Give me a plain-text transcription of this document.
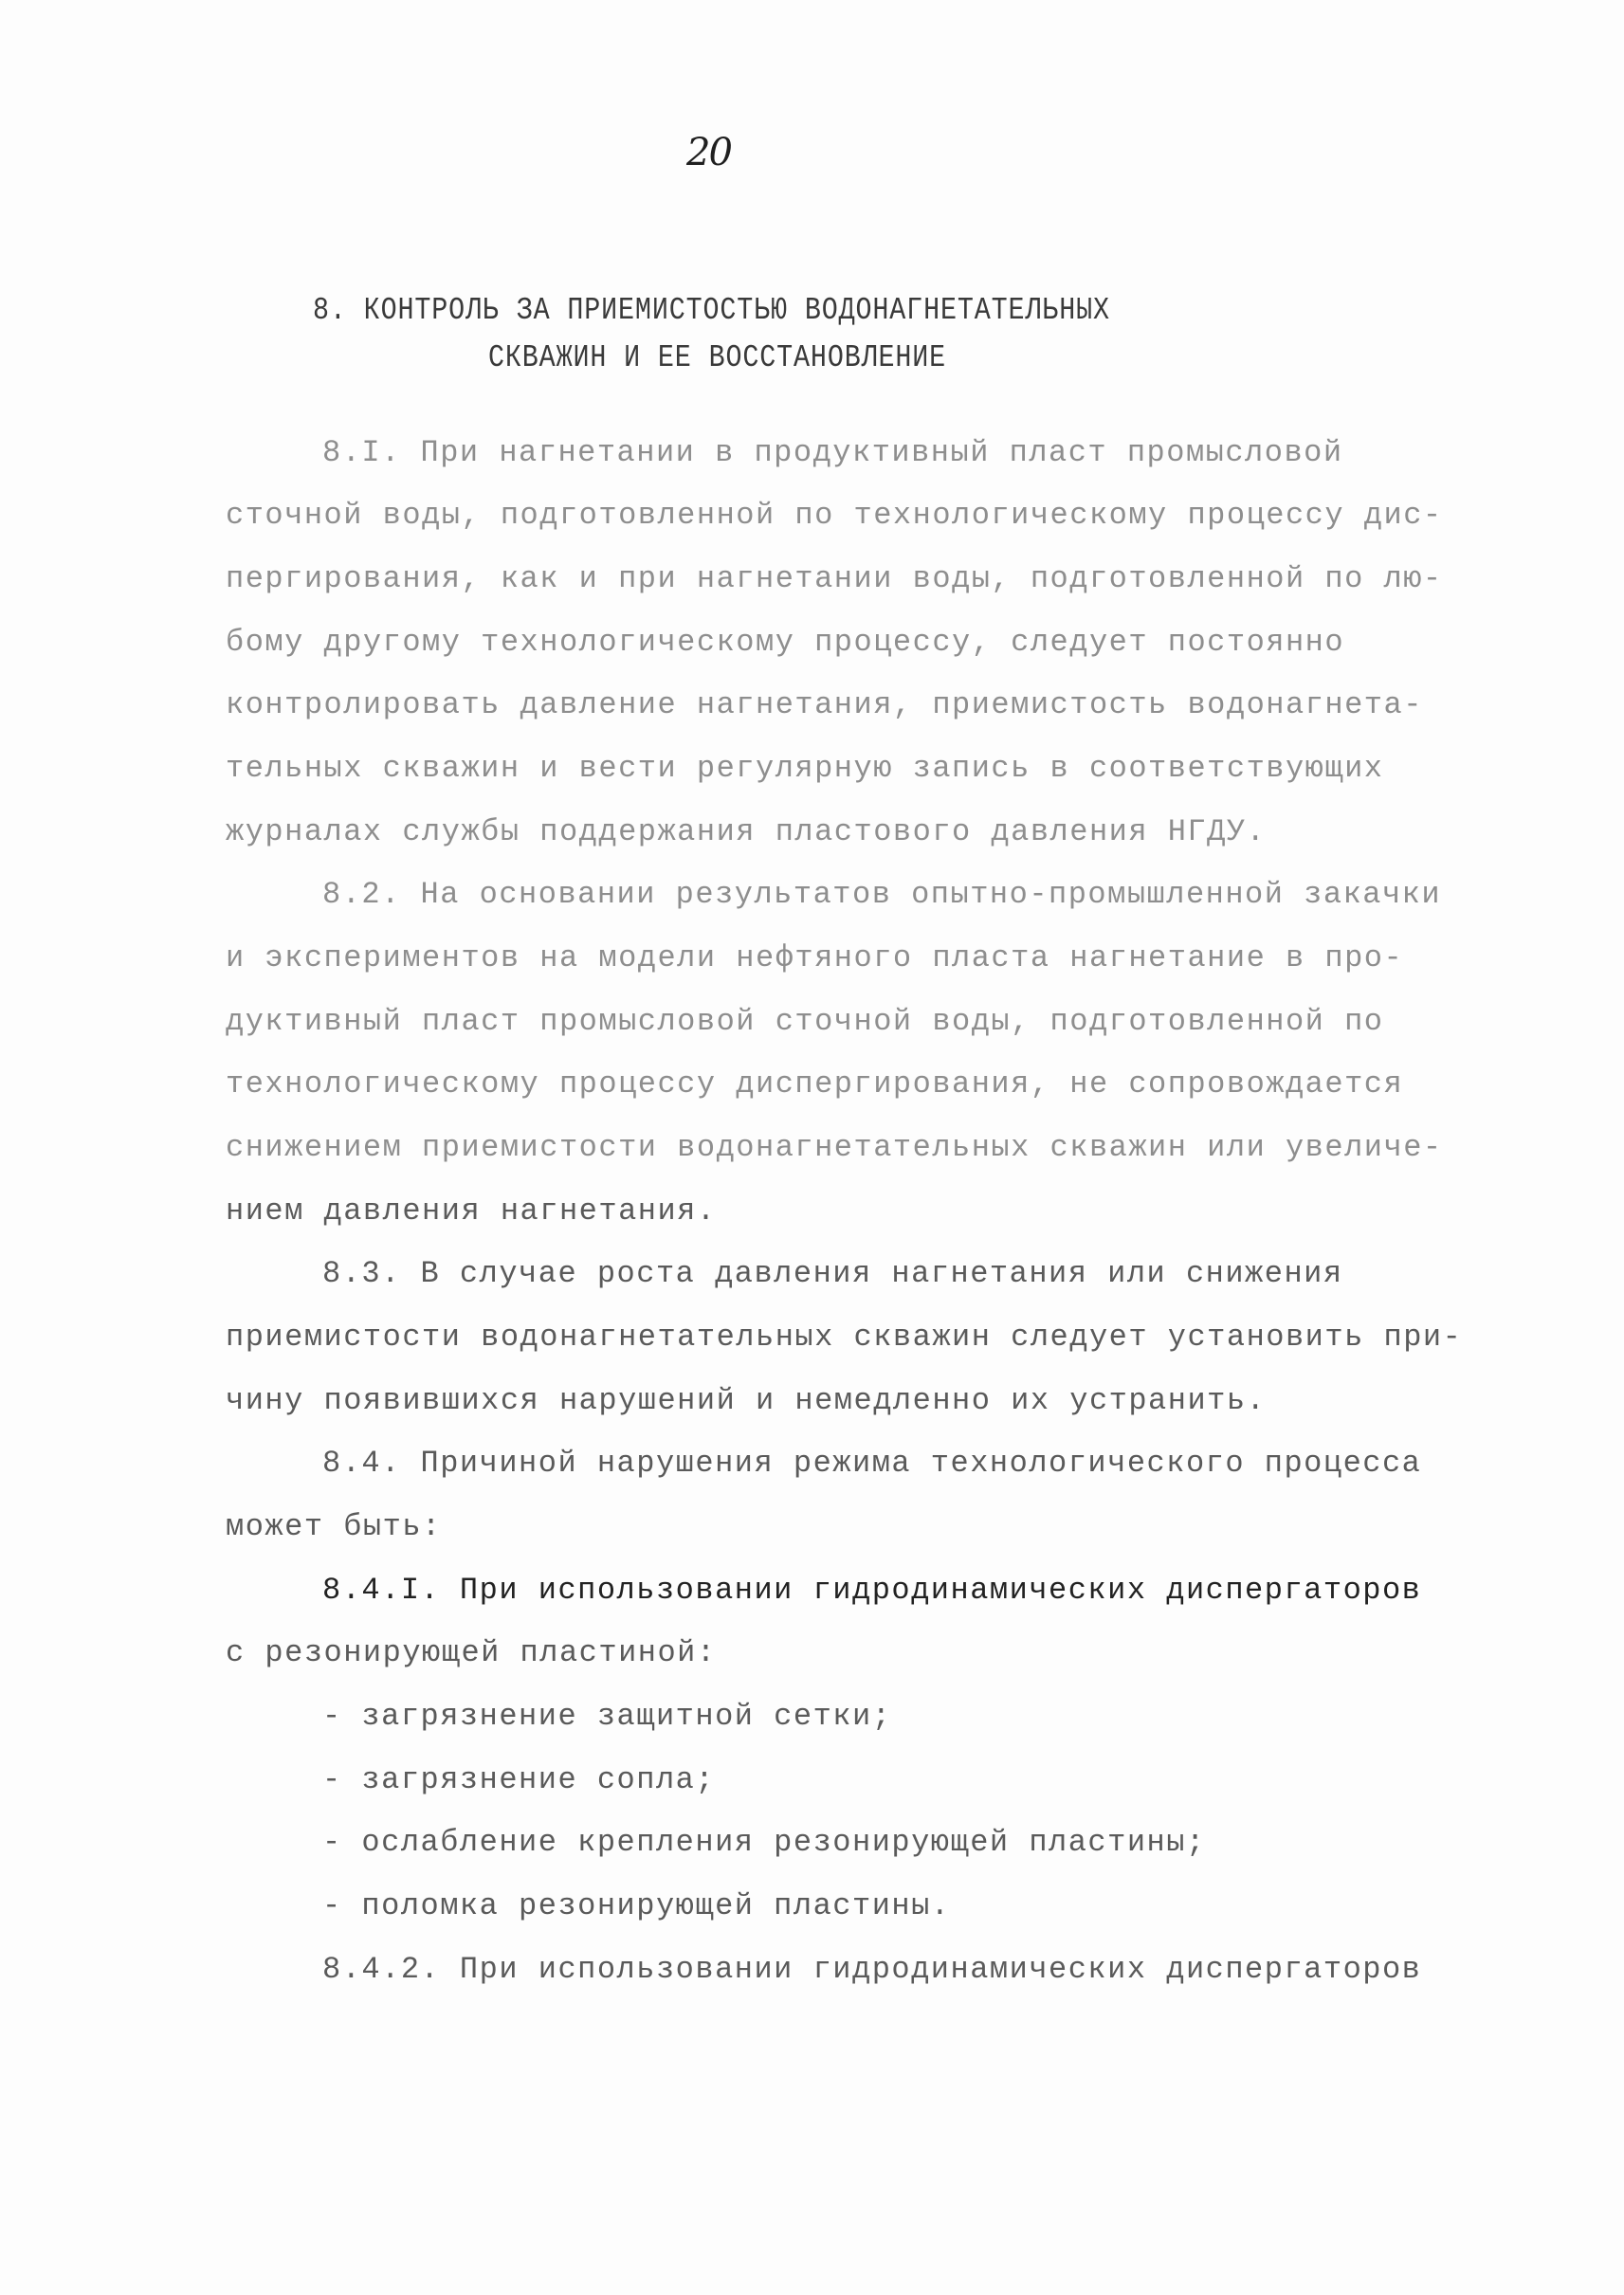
20
8. КОНТРОЛЬ ЗА ПРИЕМИСТОСТЬЮ ВОДОНАГНЕТАТЕЛЬНЫХ
СКВАЖИН И ЕЕ ВОССТАНОВЛЕНИЕ
8.I. При нагнетании в продуктивный пласт промысловой
сточной воды, подготовленной по технологическому процессу дис-
пергирования, как и при нагнетании воды, подготовленной по лю-
бому другому технологическому процессу, следует постоянно
контролировать давление нагнетания, приемистость водонагнета-
тельных скважин и вести регулярную запись в соответствующих
журналах службы поддержания пластового давления НГДУ.
8.2. На основании результатов опытно-промышленной закачки
и экспериментов на модели нефтяного пласта нагнетание в про-
дуктивный пласт промысловой сточной воды, подготовленной по
технологическому процессу диспергирования, не сопровождается
снижением приемистости водонагнетательных скважин или увеличе-
нием давления нагнетания.
8.3. В случае роста давления нагнетания или снижения
приемистости водонагнетательных скважин следует установить при-
чину появившихся нарушений и немедленно их устранить.
8.4. Причиной нарушения режима технологического процесса
может быть:
8.4.I. При использовании гидродинамических диспергаторов
с резонирующей пластиной:
- загрязнение защитной сетки;
- загрязнение сопла;
- ослабление крепления резонирующей пластины;
- поломка резонирующей пластины.
8.4.2. При использовании гидродинамических диспергаторов
